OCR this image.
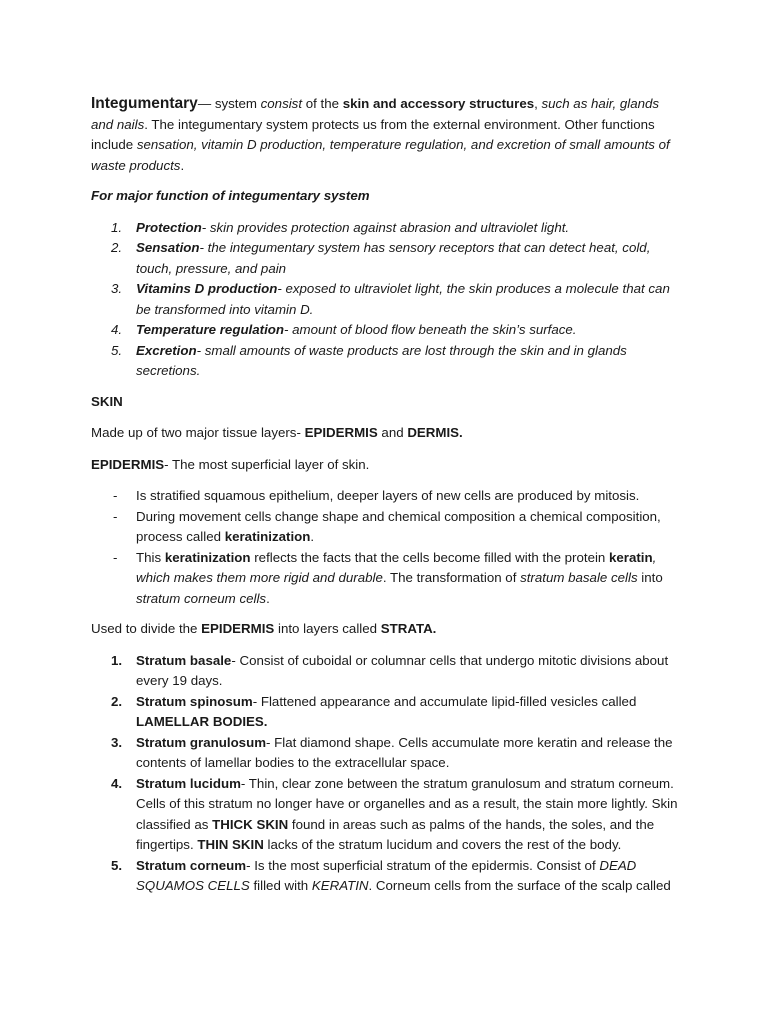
Integumentary— system consist of the skin and accessory structures, such as hair, glands and nails. The integumentary system protects us from the external environment. Other functions include sensation, vitamin D production, temperature regulation, and excretion of small amounts of waste products.

For major function of integumentary system

1. Protection- skin provides protection against abrasion and ultraviolet light.
2. Sensation- the integumentary system has sensory receptors that can detect heat, cold, touch, pressure, and pain
3. Vitamins D production- exposed to ultraviolet light, the skin produces a molecule that can be transformed into vitamin D.
4. Temperature regulation- amount of blood flow beneath the skin’s surface.
5. Excretion- small amounts of waste products are lost through the skin and in glands secretions.

SKIN

Made up of two major tissue layers- EPIDERMIS and DERMIS.

EPIDERMIS- The most superficial layer of skin.

- Is stratified squamous epithelium, deeper layers of new cells are produced by mitosis.
- During movement cells change shape and chemical composition a chemical composition, process called keratinization.
- This keratinization reflects the facts that the cells become filled with the protein keratin, which makes them more rigid and durable. The transformation of stratum basale cells into stratum corneum cells.

Used to divide the EPIDERMIS into layers called STRATA.

1. Stratum basale- Consist of cuboidal or columnar cells that undergo mitotic divisions about every 19 days.
2. Stratum spinosum- Flattened appearance and accumulate lipid-filled vesicles called LAMELLAR BODIES.
3. Stratum granulosum- Flat diamond shape. Cells accumulate more keratin and release the contents of lamellar bodies to the extracellular space.
4. Stratum lucidum- Thin, clear zone between the stratum granulosum and stratum corneum. Cells of this stratum no longer have or organelles and as a result, the stain more lightly. Skin classified as THICK SKIN found in areas such as palms of the hands, the soles, and the fingertips. THIN SKIN lacks of the stratum lucidum and covers the rest of the body.
5. Stratum corneum- Is the most superficial stratum of the epidermis. Consist of DEAD SQUAMOS CELLS filled with KERATIN. Corneum cells from the surface of the scalp called
